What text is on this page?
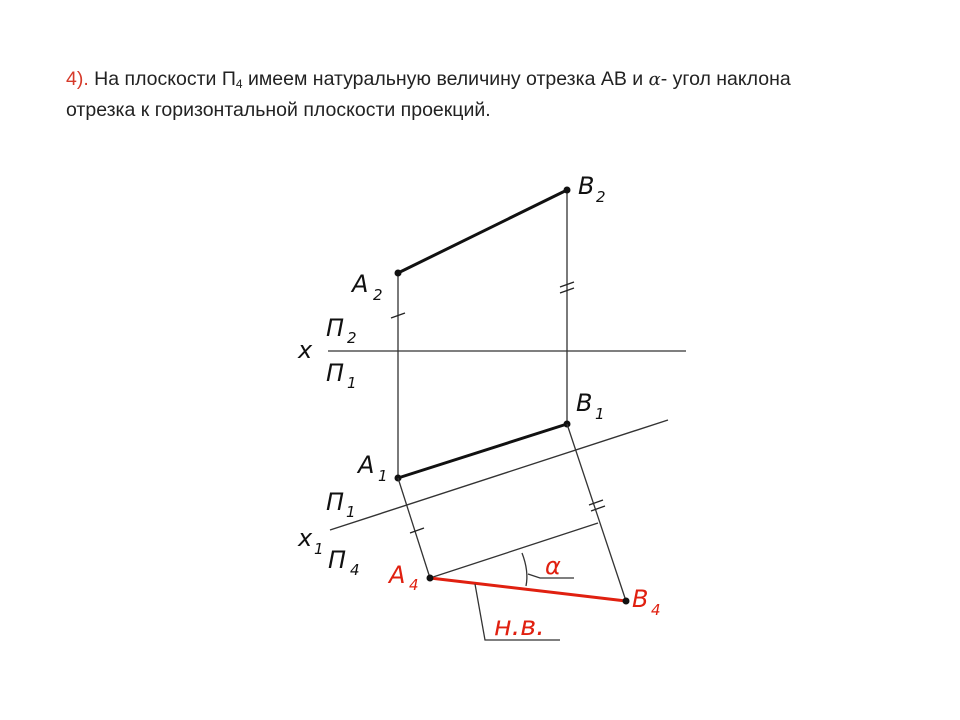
4). На плоскости $П_4$ имеем натуральную величину отрезка АВ и α- угол наклона
отрезка к горизонтальной плоскости проекций.
B 2
A 2
x
П 2
П 1
B 1
A 1
П 1
x 1 П 4 A 4	B 4
α
н.в.
